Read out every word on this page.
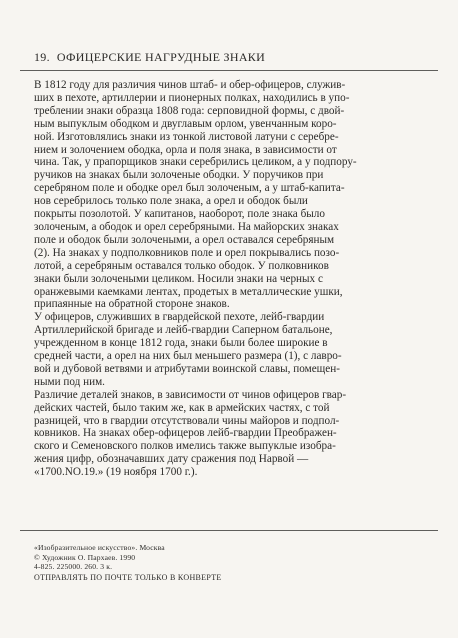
19. ОФИЦЕРСКИЕ НАГРУДНЫЕ ЗНАКИ

В 1812 году для различия чинов штаб- и обер-офицеров, служив-
ших в пехоте, артиллерии и пионерных полках, находились в упо-
треблении знаки образца 1808 года: серповидной формы, с двой-
ным выпуклым ободком и двуглавым орлом, увенчанным коро-
ной. Изготовлялись знаки из тонкой листовой латуни с серебре-
нием и золочением ободка, орла и поля знака, в зависимости от
чина. Так, у прапорщиков знаки серебрились целиком, а у подпору-
ручиков на знаках были золоченые ободки. У поручиков при
серебряном поле и ободке орел был золоченым, а у штаб-капита-
нов серебрилось только поле знака, а орел и ободок были
покрыты позолотой. У капитанов, наоборот, поле знака было
золоченым, а ободок и орел серебряными. На майорских знаках
поле и ободок были золочеными, а орел оставался серебряным
(2). На знаках у подполковников поле и орел покрывались позо-
лотой, а серебряным оставался только ободок. У полковников
знаки были золочеными целиком. Носили знаки на черных с
оранжевыми каемками лентах, продетых в металлические ушки,
припаянные на обратной стороне знаков.

У офицеров, служивших в гвардейской пехоте, лейб-гвардии
Артиллерийской бригаде и лейб-гвардии Саперном батальоне,
учрежденном в конце 1812 года, знаки были более широкие в
средней части, а орел на них был меньшего размера (1), с лавро-
вой и дубовой ветвями и атрибутами воинской славы, помещен-
ными под ним.

Различие деталей знаков, в зависимости от чинов офицеров гвар-
дейских частей, было таким же, как в армейских частях, с той
разницей, что в гвардии отсутствовали чины майоров и подпол-
ковников. На знаках обер-офицеров лейб-гвардии Преображен-
ского и Семеновского полков имелись также выпуклые изобра-
жения цифр, обозначавших дату сражения под Нарвой —
«1700.NO.19.» (19 ноября 1700 г.).

«Изобразительное искусство». Москва
© Художник О. Пархаев. 1990
4-825. 225000. 260. 3 к.
ОТПРАВЛЯТЬ ПО ПОЧТЕ ТОЛЬКО В КОНВЕРТЕ
